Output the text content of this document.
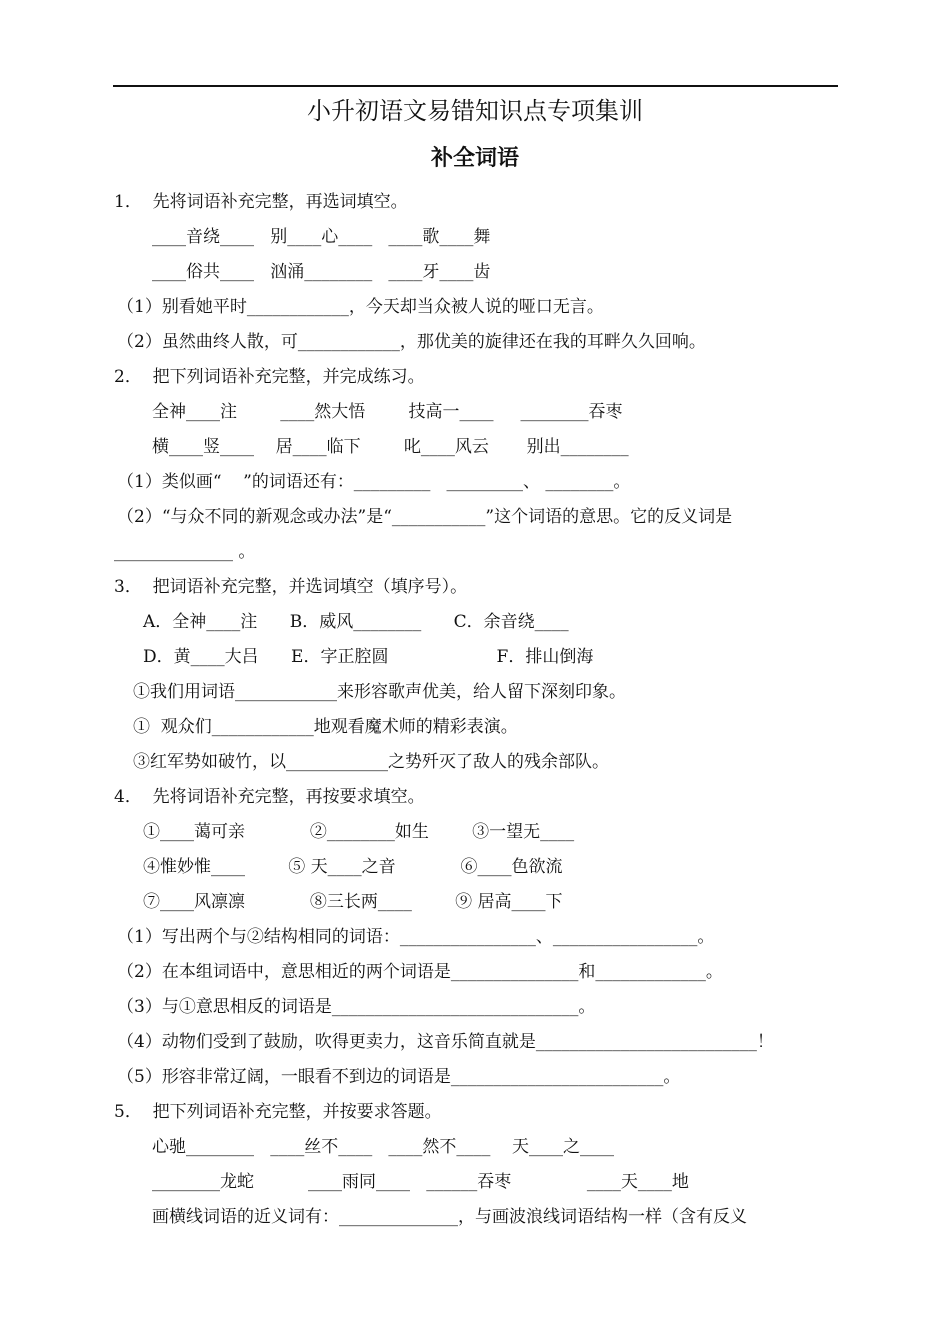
小升初语文易错知识点专项集训
补全词语
1．  先将词语补充完整，再选词填空。
____音绕____   别____心____   ____歌____舞
____俗共____   汹涌________   ____牙____齿
（1）别看她平时____________，今天却当众被人说的哑口无言。
（2）虽然曲终人散，可____________，那优美的旋律还在我的耳畔久久回响。
2．  把下列词语补充完整，并完成练习。
全神____注        ____然大悟        技高一____     ________吞枣
横____竖____    居____临下        叱____风云       别出________
（1）类似画“    ”的词语还有：_________   _________、 ________。
（2）“与众不同的新观念或办法”是“___________”这个词语的意思。它的反义词是
______________ 。
3．  把词语补充完整，并选词填空（填序号）。
A．全神____注      B．威风________      C．余音绕____
D．黄____大吕      E．字正腔圆                    F．排山倒海
①我们用词语____________来形容歌声优美，给人留下深刻印象。
①  观众们____________地观看魔术师的精彩表演。
③红军势如破竹，以____________之势歼灭了敌人的残余部队。
4．  先将词语补充完整，再按要求填空。
①____蔼可亲            ②________如生        ③一望无____
④惟妙惟____        ⑤ 天____之音            ⑥____色欲流
⑦____风凛凛            ⑧三长两____        ⑨ 居高____下
（1）写出两个与②结构相同的词语：________________、_________________。
（2）在本组词语中，意思相近的两个词语是_______________和_____________。
（3）与①意思相反的词语是_____________________________。
（4）动物们受到了鼓励，吹得更卖力，这音乐简直就是__________________________！
（5）形容非常辽阔，一眼看不到边的词语是_________________________。
5．  把下列词语补充完整，并按要求答题。
心驰________   ____丝不____   ____然不____    天____之____
________龙蛇          ____雨同____   ______吞枣              ____天____地
画横线词语的近义词有：______________，与画波浪线词语结构一样（含有反义
